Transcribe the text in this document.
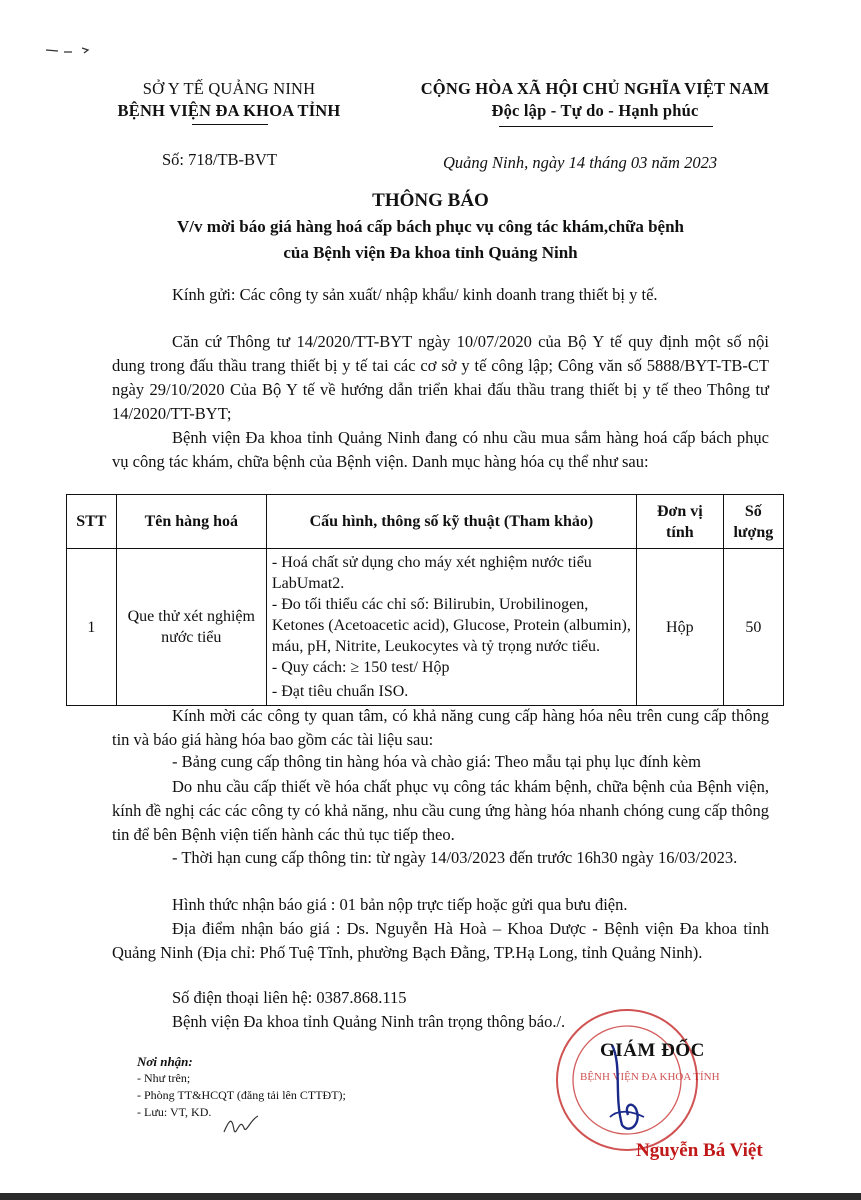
SỞ Y TẾ QUẢNG NINH
BỆNH VIỆN ĐA KHOA TỈNH
CỘNG HÒA XÃ HỘI CHỦ NGHĨA VIỆT NAM
Độc lập - Tự do - Hạnh phúc
Số: 718/TB-BVT	Quảng Ninh, ngày 14 tháng 03 năm 2023
THÔNG BÁO
V/v mời báo giá hàng hoá cấp bách phục vụ công tác khám,chữa bệnh
của Bệnh viện Đa khoa tỉnh Quảng Ninh
Kính gửi: Các công ty sản xuất/ nhập khẩu/ kinh doanh trang thiết bị y tế.
Căn cứ Thông tư 14/2020/TT-BYT ngày 10/07/2020 của Bộ Y tế quy định một số nội dung trong đấu thầu trang thiết bị y tế tai các cơ sở y tế công lập; Công văn số 5888/BYT-TB-CT ngày 29/10/2020 Của Bộ Y tế về hướng dẫn triển khai đấu thầu trang thiết bị y tế theo Thông tư 14/2020/TT-BYT;
Bệnh viện Đa khoa tỉnh Quảng Ninh đang có nhu cầu mua sắm hàng hoá cấp bách phục vụ công tác khám, chữa bệnh của Bệnh viện. Danh mục hàng hóa cụ thể như sau:
STT	Tên hàng hoá	Cấu hình, thông số kỹ thuật (Tham khảo)	Đơn vị tính	Số lượng
1	Que thử xét nghiệm nước tiểu	- Hoá chất sử dụng cho máy xét nghiệm nước tiểu LabUmat2.
- Đo tối thiểu các chỉ số: Bilirubin, Urobilinogen, Ketones (Acetoacetic acid), Glucose, Protein (albumin), máu, pH, Nitrite, Leukocytes và tỷ trọng nước tiểu.
- Quy cách: ≥ 150 test/ Hộp
- Đạt tiêu chuẩn ISO.	Hộp	50
Kính mời các công ty quan tâm, có khả năng cung cấp hàng hóa nêu trên cung cấp thông tin và báo giá hàng hóa bao gồm các tài liệu sau:
- Bảng cung cấp thông tin hàng hóa và chào giá: Theo mẫu tại phụ lục đính kèm
Do nhu cầu cấp thiết về hóa chất phục vụ công tác khám bệnh, chữa bệnh của Bệnh viện, kính đề nghị các các công ty có khả năng, nhu cầu cung ứng hàng hóa nhanh chóng cung cấp thông tin để bên Bệnh viện tiến hành các thủ tục tiếp theo.
- Thời hạn cung cấp thông tin: từ ngày 14/03/2023 đến trước 16h30 ngày 16/03/2023.
Hình thức nhận báo giá : 01 bản nộp trực tiếp hoặc gửi qua bưu điện.
Địa điểm nhận báo giá : Ds. Nguyễn Hà Hoà – Khoa Dược - Bệnh viện Đa khoa tỉnh Quảng Ninh (Địa chỉ: Phố Tuệ Tĩnh, phường Bạch Đằng, TP.Hạ Long, tỉnh Quảng Ninh).
Số điện thoại liên hệ: 0387.868.115
Bệnh viện Đa khoa tỉnh Quảng Ninh trân trọng thông báo./.
Nơi nhận:
- Như trên;
- Phòng TT&HCQT (đăng tải lên CTTĐT);
- Lưu: VT, KD.
BỆNH VIỆN ĐA KHOA TỈNH
GIÁM ĐỐC
Nguyễn Bá Việt
